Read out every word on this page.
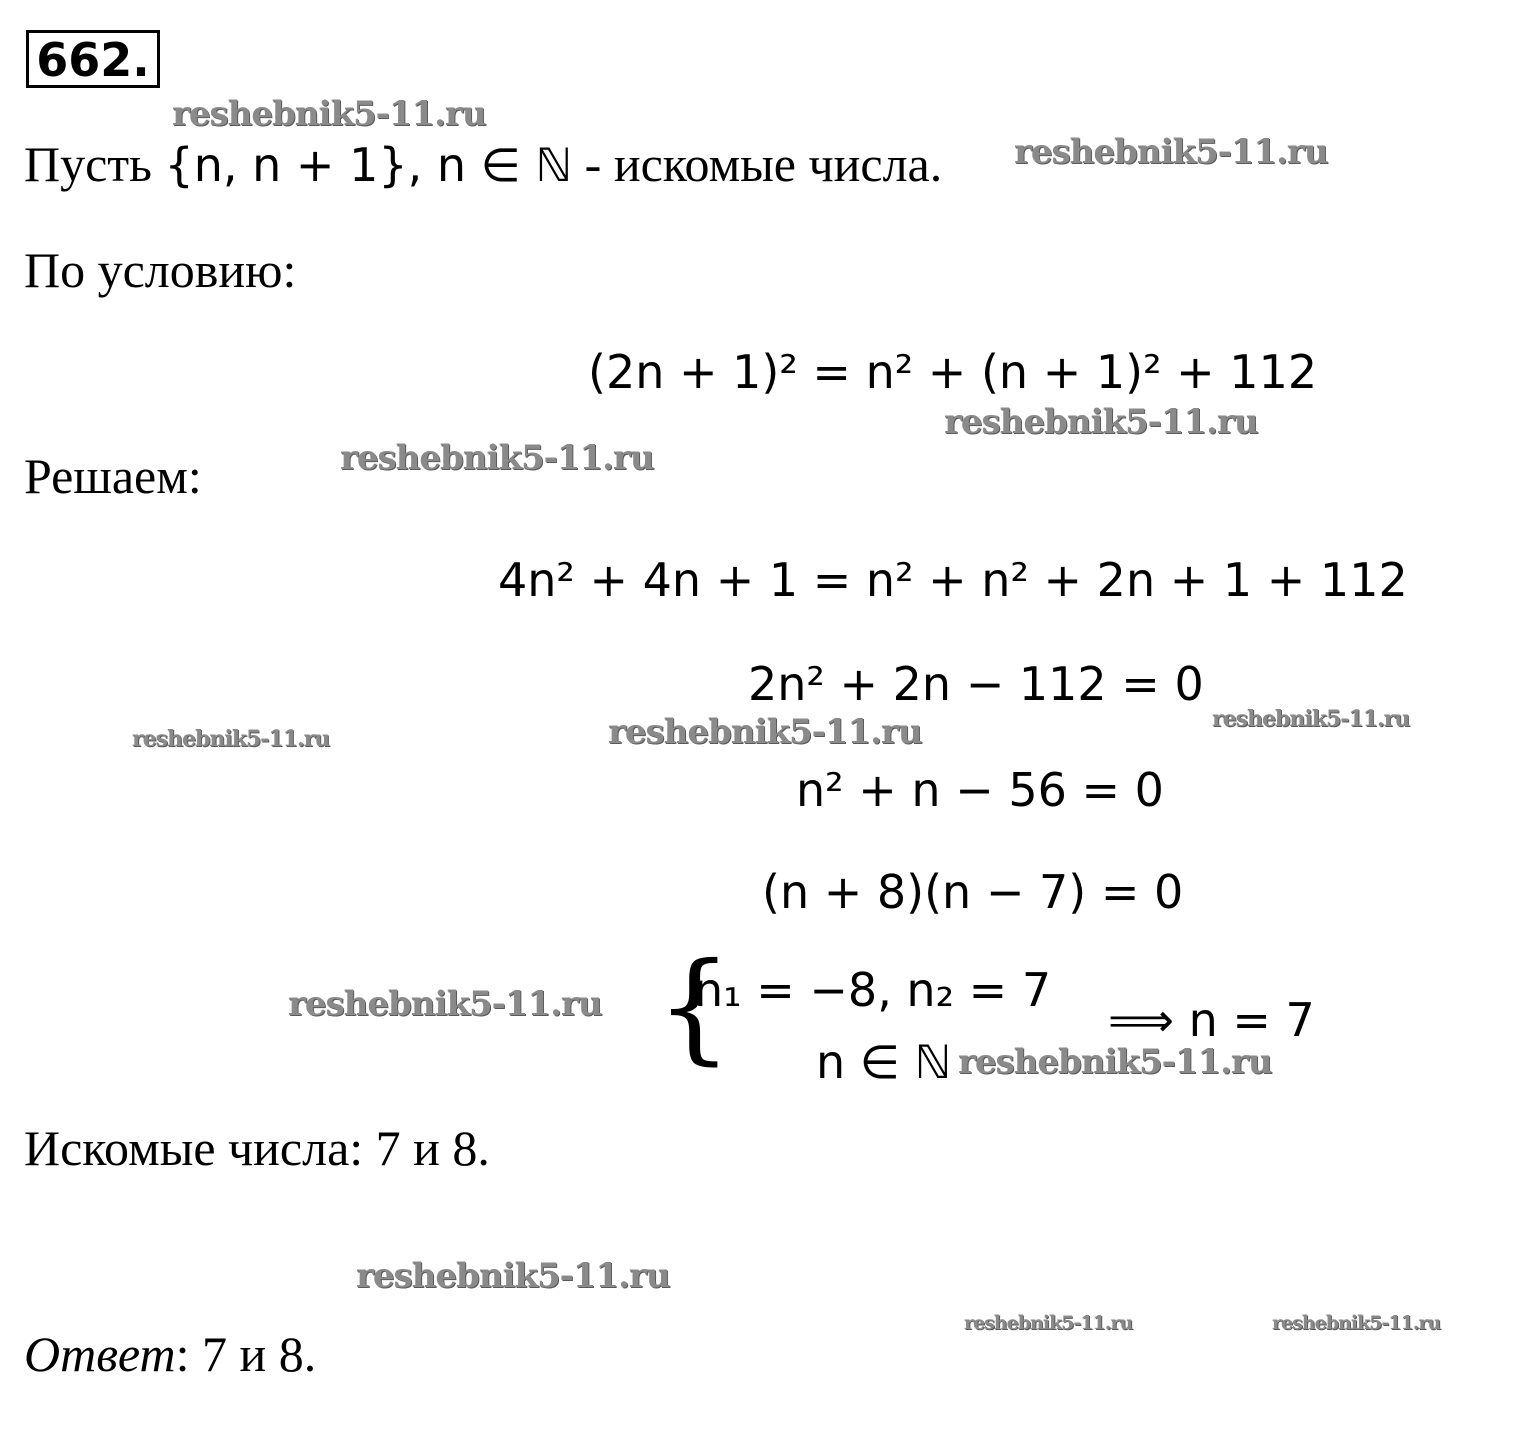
662.
Пусть {n, n + 1}, n ∈ ℕ - искомые числа.
По условию:
(2n + 1)² = n² + (n + 1)² + 112
Решаем:
4n² + 4n + 1 = n² + n² + 2n + 1 + 112
2n² + 2n − 112 = 0
n² + n − 56 = 0
(n + 8)(n − 7) = 0
{
n₁ = −8, n₂ = 7
n ∈ ℕ
⟹ n = 7
Искомые числа: 7 и 8.
Ответ: 7 и 8.
reshebnik5-11.ru
reshebnik5-11.ru
reshebnik5-11.ru
reshebnik5-11.ru
reshebnik5-11.ru	reshebnik5-11.ru	reshebnik5-11.ru
reshebnik5-11.ru
reshebnik5-11.ru
reshebnik5-11.ru
reshebnik5-11.ru	reshebnik5-11.ru
